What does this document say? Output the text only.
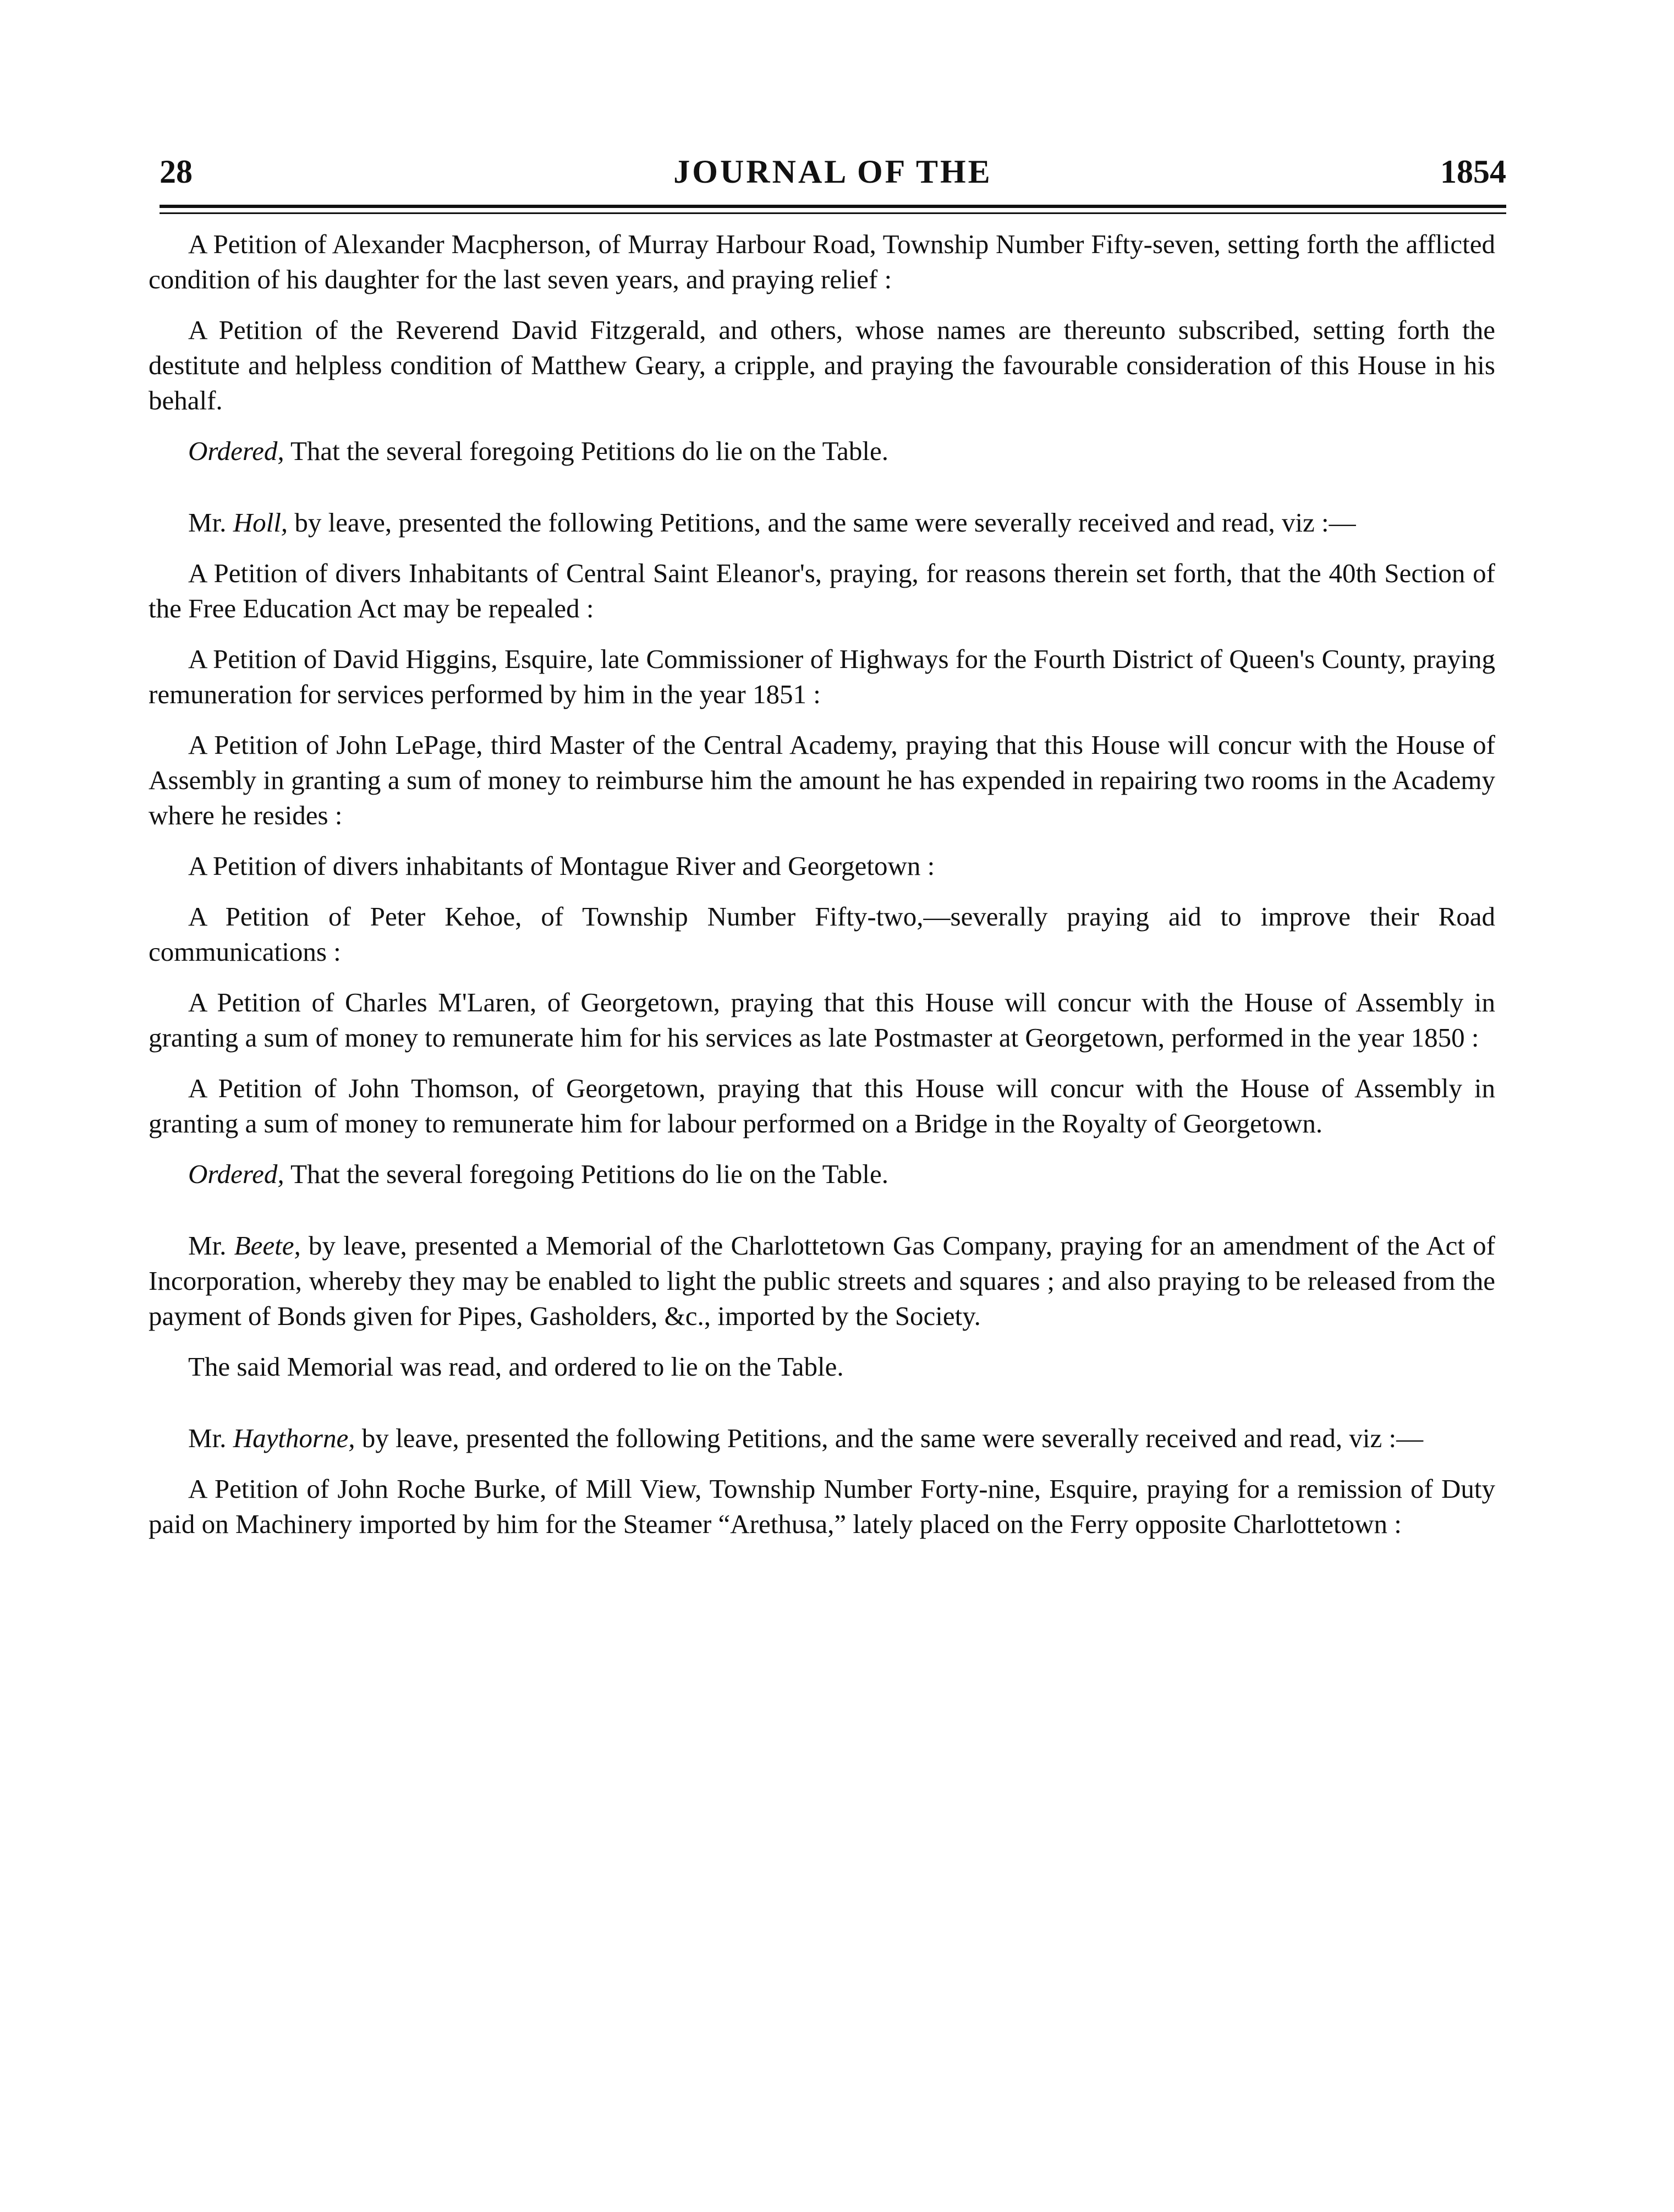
28	JOURNAL OF THE	1854

A Petition of Alexander Macpherson, of Murray Harbour Road, Township Number Fifty-seven, setting forth the afflicted condition of his daughter for the last seven years, and praying relief :

A Petition of the Reverend David Fitzgerald, and others, whose names are thereunto subscribed, setting forth the destitute and helpless condition of Matthew Geary, a cripple, and praying the favourable consideration of this House in his behalf.

Ordered, That the several foregoing Petitions do lie on the Table.

Mr. Holl, by leave, presented the following Petitions, and the same were severally received and read, viz :—

A Petition of divers Inhabitants of Central Saint Eleanor's, praying, for reasons therein set forth, that the 40th Section of the Free Education Act may be repealed :

A Petition of David Higgins, Esquire, late Commissioner of Highways for the Fourth District of Queen's County, praying remuneration for services performed by him in the year 1851 :

A Petition of John LePage, third Master of the Central Academy, praying that this House will concur with the House of Assembly in granting a sum of money to reimburse him the amount he has expended in repairing two rooms in the Academy where he resides :

A Petition of divers inhabitants of Montague River and Georgetown :

A Petition of Peter Kehoe, of Township Number Fifty-two,—severally praying aid to improve their Road communications :

A Petition of Charles M'Laren, of Georgetown, praying that this House will concur with the House of Assembly in granting a sum of money to remunerate him for his services as late Postmaster at Georgetown, performed in the year 1850 :

A Petition of John Thomson, of Georgetown, praying that this House will concur with the House of Assembly in granting a sum of money to remunerate him for labour performed on a Bridge in the Royalty of Georgetown.

Ordered, That the several foregoing Petitions do lie on the Table.

Mr. Beete, by leave, presented a Memorial of the Charlottetown Gas Company, praying for an amendment of the Act of Incorporation, whereby they may be enabled to light the public streets and squares ; and also praying to be released from the payment of Bonds given for Pipes, Gasholders, &c., imported by the Society.

The said Memorial was read, and ordered to lie on the Table.

Mr. Haythorne, by leave, presented the following Petitions, and the same were severally received and read, viz :—

A Petition of John Roche Burke, of Mill View, Township Number Forty-nine, Esquire, praying for a remission of Duty paid on Machinery imported by him for the Steamer “Arethusa,” lately placed on the Ferry opposite Charlottetown :
